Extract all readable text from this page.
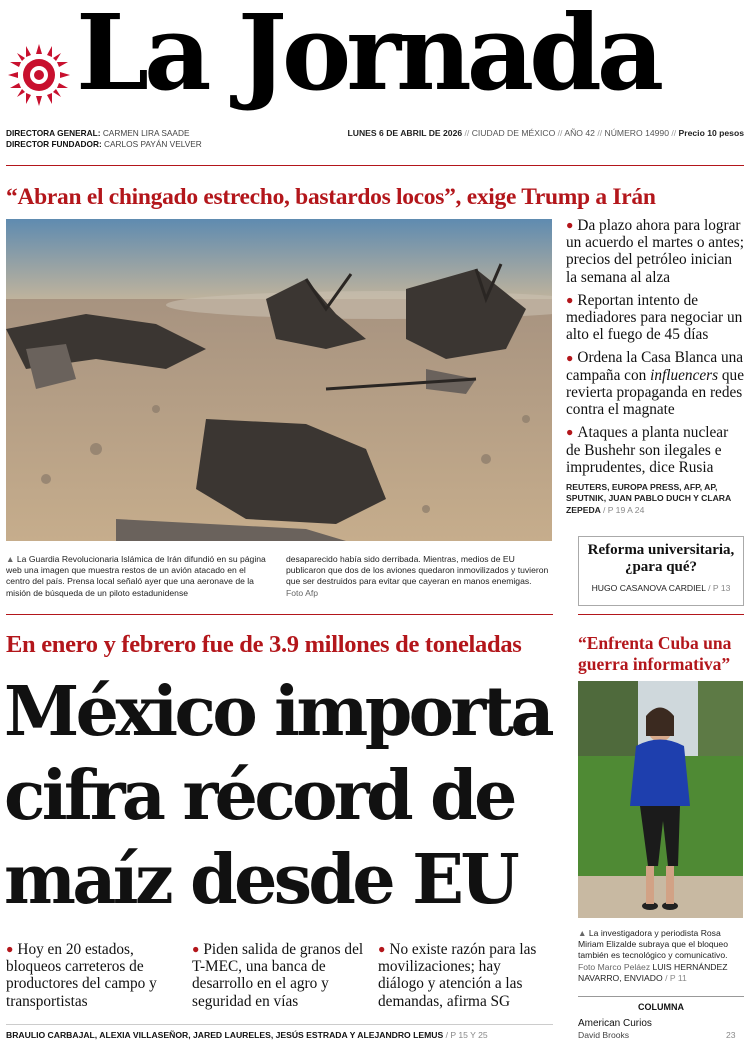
La Jornada
DIRECTORA GENERAL: CARMEN LIRA SAADE
DIRECTOR FUNDADOR: CARLOS PAYÁN VELVER
LUNES 6 DE ABRIL DE 2026 // CIUDAD DE MÉXICO // AÑO 42 // NÚMERO 14990 // Precio 10 pesos
“Abran el chingado estrecho, bastardos locos”, exige Trump a Irán
▲ La Guardia Revolucionaria Islámica de Irán difundió en su página web una imagen que muestra restos de un avión atacado en el centro del país. Prensa local señaló ayer que una aeronave de la misión de búsqueda de un piloto estadunidense
desaparecido había sido derribada. Mientras, medios de EU publicaron que dos de los aviones quedaron inmovilizados y tuvieron que ser destruidos para evitar que cayeran en manos enemigas. Foto Afp
● Da plazo ahora para lograr un acuerdo el martes o antes; precios del petróleo inician la semana al alza
● Reportan intento de mediadores para negociar un alto el fuego de 45 días
● Ordena la Casa Blanca una campaña con influencers que revierta propaganda en redes contra el magnate
● Ataques a planta nuclear de Bushehr son ilegales e imprudentes, dice Rusia
REUTERS, EUROPA PRESS, AFP, AP, SPUTNIK, JUAN PABLO DUCH Y CLARA ZEPEDA / P 19 A 24
Reforma universitaria, ¿para qué?
HUGO CASANOVA CARDIEL / P 13
“Enfrenta Cuba una guerra informativa”
▲ La investigadora y periodista Rosa Miriam Elizalde subraya que el bloqueo también es tecnológico y comunicativo. Foto Marco Peláez LUIS HERNÁNDEZ NAVARRO, ENVIADO / P 11
COLUMNA
American Curios
David Brooks	23
En enero y febrero fue de 3.9 millones de toneladas
México importa
cifra récord de
maíz desde EU
● Hoy en 20 estados, bloqueos carreteros de productores del campo y transportistas
● Piden salida de granos del T-MEC, una banca de desarrollo en el agro y seguridad en vías
● No existe razón para las movilizaciones; hay diálogo y atención a las demandas, afirma SG
BRAULIO CARBAJAL, ALEXIA VILLASEÑOR, JARED LAURELES, JESÚS ESTRADA Y ALEJANDRO LEMUS / P 15 Y 25
